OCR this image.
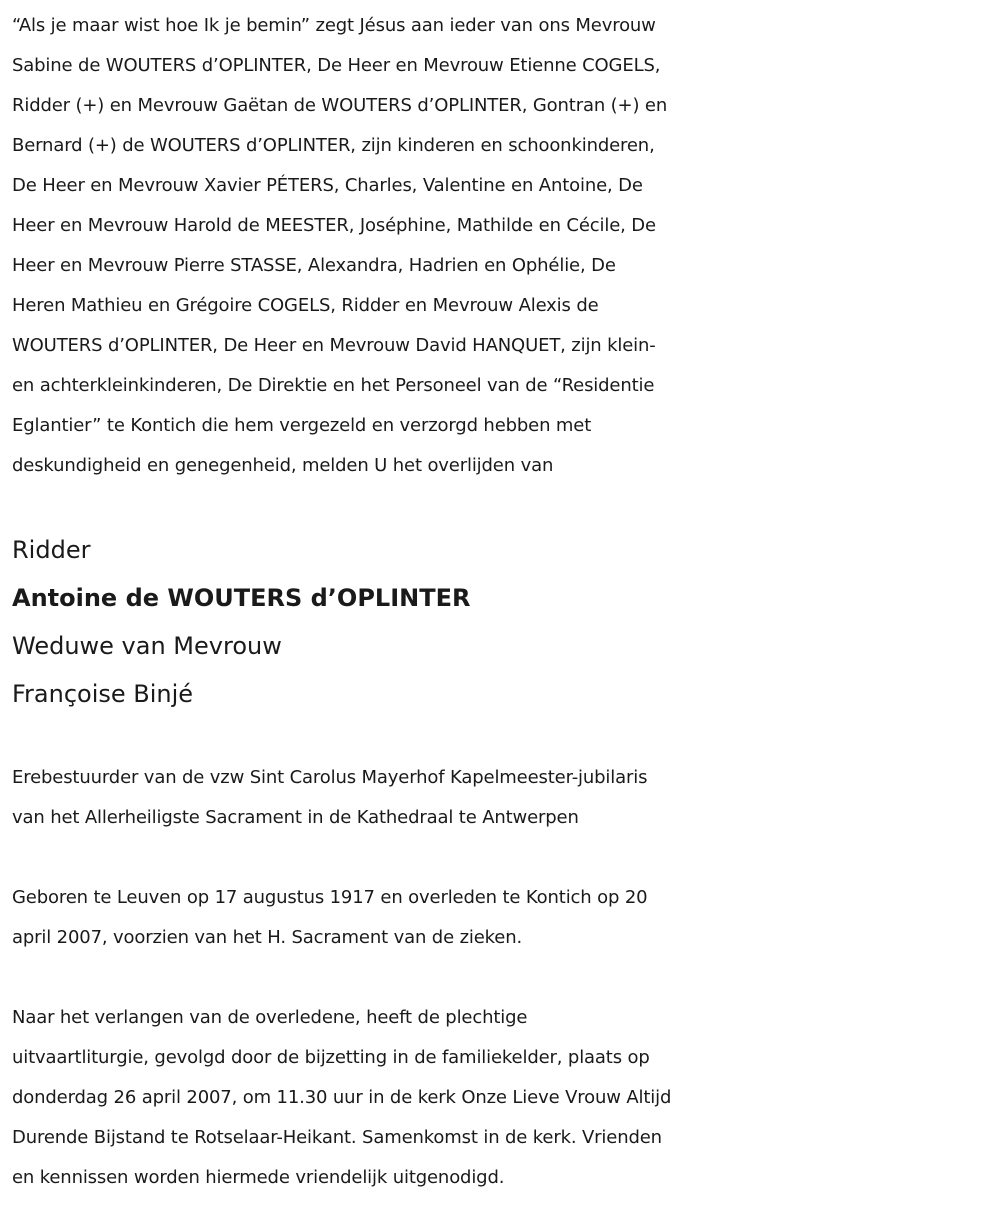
“Als je maar wist hoe Ik je bemin” zegt Jésus aan ieder van ons Mevrouw
Sabine de WOUTERS d’OPLINTER, De Heer en Mevrouw Etienne COGELS,
Ridder (+) en Mevrouw Gaëtan de WOUTERS d’OPLINTER, Gontran (+) en
Bernard (+) de WOUTERS d’OPLINTER, zijn kinderen en schoonkinderen,
De Heer en Mevrouw Xavier PÉTERS, Charles, Valentine en Antoine, De
Heer en Mevrouw Harold de MEESTER, Joséphine, Mathilde en Cécile, De
Heer en Mevrouw Pierre STASSE, Alexandra, Hadrien en Ophélie, De
Heren Mathieu en Grégoire COGELS, Ridder en Mevrouw Alexis de
WOUTERS d’OPLINTER, De Heer en Mevrouw David HANQUET, zijn klein-
en achterkleinkinderen, De Direktie en het Personeel van de “Residentie
Eglantier” te Kontich die hem vergezeld en verzorgd hebben met
deskundigheid en genegenheid, melden U het overlijden van
Ridder
Antoine de WOUTERS d’OPLINTER
Weduwe van Mevrouw
Françoise Binjé
Erebestuurder van de vzw Sint Carolus Mayerhof Kapelmeester-jubilaris
van het Allerheiligste Sacrament in de Kathedraal te Antwerpen
Geboren te Leuven op 17 augustus 1917 en overleden te Kontich op 20
april 2007, voorzien van het H. Sacrament van de zieken.
Naar het verlangen van de overledene, heeft de plechtige
uitvaartliturgie, gevolgd door de bijzetting in de familiekelder, plaats op
donderdag 26 april 2007, om 11.30 uur in de kerk Onze Lieve Vrouw Altijd
Durende Bijstand te Rotselaar-Heikant. Samenkomst in de kerk. Vrienden
en kennissen worden hiermede vriendelijk uitgenodigd.
